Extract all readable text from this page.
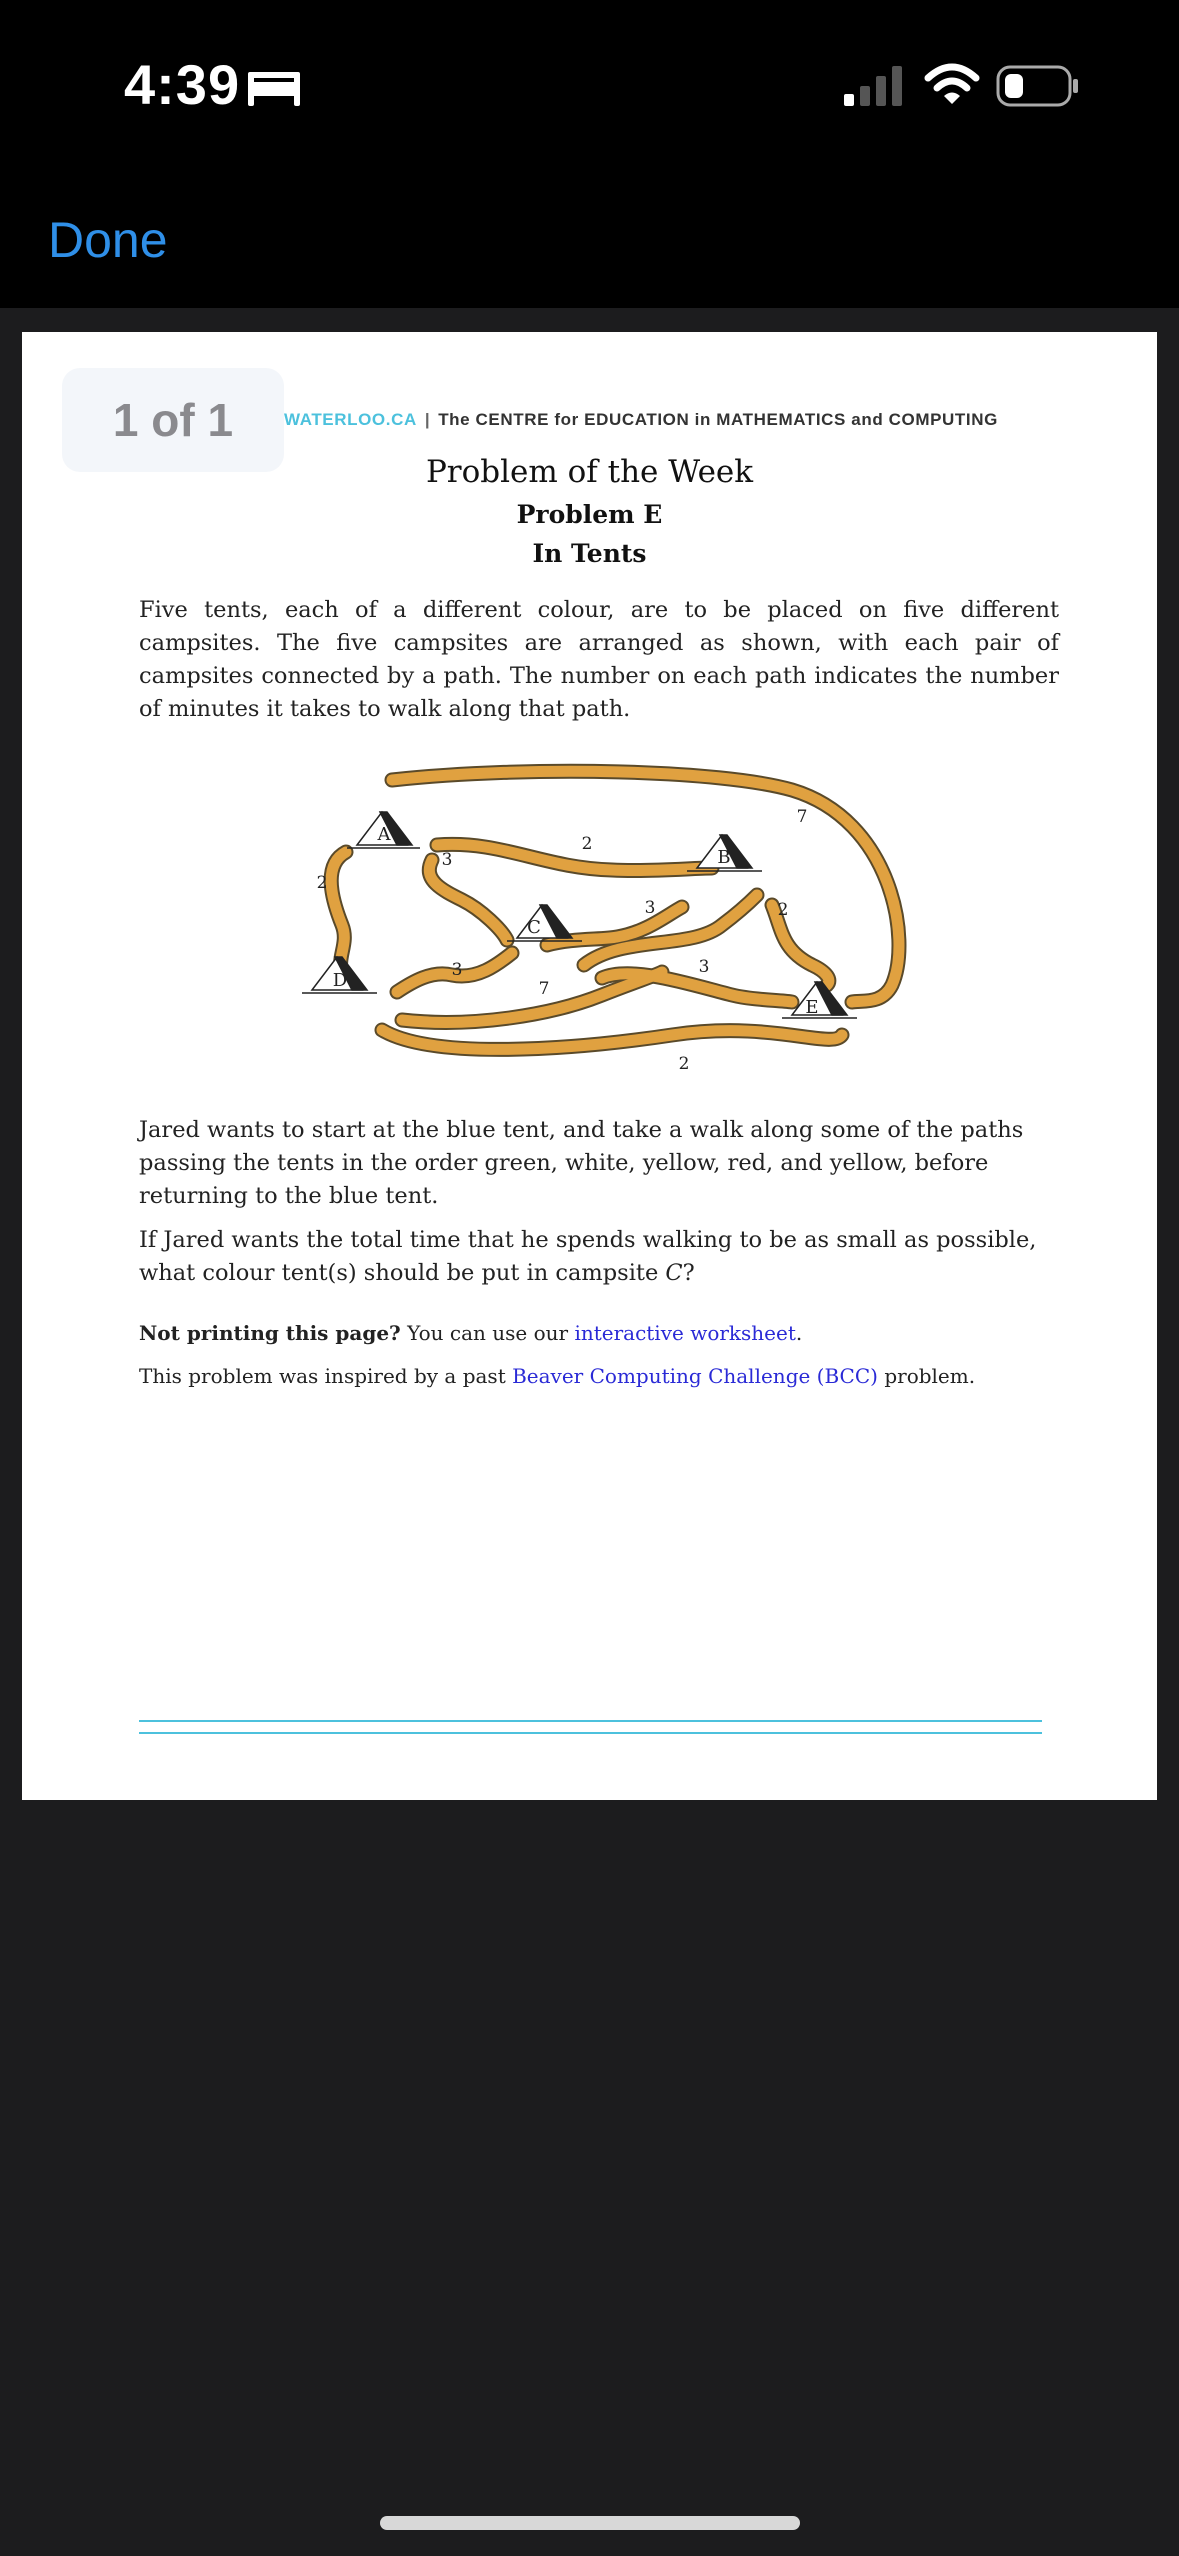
4:39
Done
WATERLOO.CA | The CENTRE for EDUCATION in MATHEMATICS and COMPUTING
1 of 1
Problem of the Week
Problem E
In Tents

Five tents, each of a different colour, are to be placed on five different campsites. The five campsites are arranged as shown, with each pair of campsites connected by a path. The number on each path indicates the number of minutes it takes to walk along that path.

A
B
C
D
E
2
7
3
2
3
3
2
3
7
2

Jared wants to start at the blue tent, and take a walk along some of the paths passing the tents in the order green, white, yellow, red, and yellow, before returning to the blue tent.

If Jared wants the total time that he spends walking to be as small as possible, what colour tent(s) should be put in campsite C?

Not printing this page? You can use our interactive worksheet.

This problem was inspired by a past Beaver Computing Challenge (BCC) problem.
